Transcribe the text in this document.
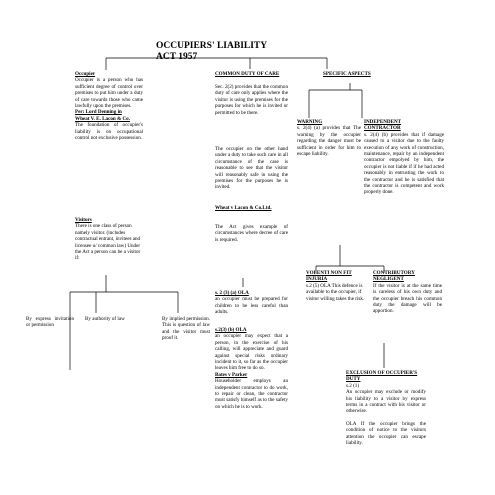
OCCUPIERS' LIABILITY
ACT 1957
Occupier
Occupier is a person who has sufficient degree of control over premises to put him under a duty of care towards those who came lawfully upon the premises.
Per: Lord Denning in
Wheat V. E. Lacon & Co.
The foundation of occupier's liability is on occupational control not exclusive possession.
Visitors
There is one class of person namely visitor. (includes contractual entrant, invitees and licensee u/ common law) Under the Act a person can be a visitor if:
By express invitation or permission
By authority of law	By implied permission. This is question of law and the visitor must proof it.
COMMON DUTY OF CARE
Sec. 2(2) provides that the common duty of care only applies where the visitor is using the premises for the purposes for which he is invited or permitted to be there.
The occupier on the other hand under a duty to take such care in all circumstance of the case is reasonable to see that the visitor will reasonably safe in using the premises for the purposes he is invited.
Wheat v Lacon & Co.Ltd.
The Act gives example of circumstances where decree of care is required.
s. 2 (3) (a) OLA
an occupier must be prepared for children to be less careful than adults.
s.2(3) (b) OLA
an occupier may expect that a person, in the exercise of his calling, will appreciate and guard against special risks ordinary incident to it, so far as the occupier leaves him free to do so.
Bates v Parker
Householder employs an independent contractor to do work, to repair or clean, the contractor must satisfy himself as to the safety on which he is to work.
SPECIFIC ASPECTS
WARNING
s. 2(4) (a) provides that The warning by the occupier regarding the danger must be sufficient in order for him to escape liability.
INDEPENDENT
CONTRACTOR
s. 2(4) (b) provides that if damage caused to a visitor due to the faulty execution of any work of construction, maintenance, repair by an independent contractor empolyed by him, the occupier is not liable if if he had acted reasonably in entrusting the work to the contractor and he is satisfied that the contractor is competent and work properly done.
VOLENTI NON FIT
INJURIA
s.2 (5) OLA This defence is available to the occupier, if visitor willing takes the risk.
CONTRIBUTORY
NEGLIGENT
If the visitor is at the same time is careless of his own duty and the occupier breach his common duty the damage will be apportion.
EXCLUSION OF OCCUPIER'S
DUTY
s.2 (1)
An occupier may exclude or modify his liability to a visitor by express terms in a contract with his visitor or otherwise.
OLA If the occupier brings the condition of notice to the visitors attention the occupier can escape liability.
